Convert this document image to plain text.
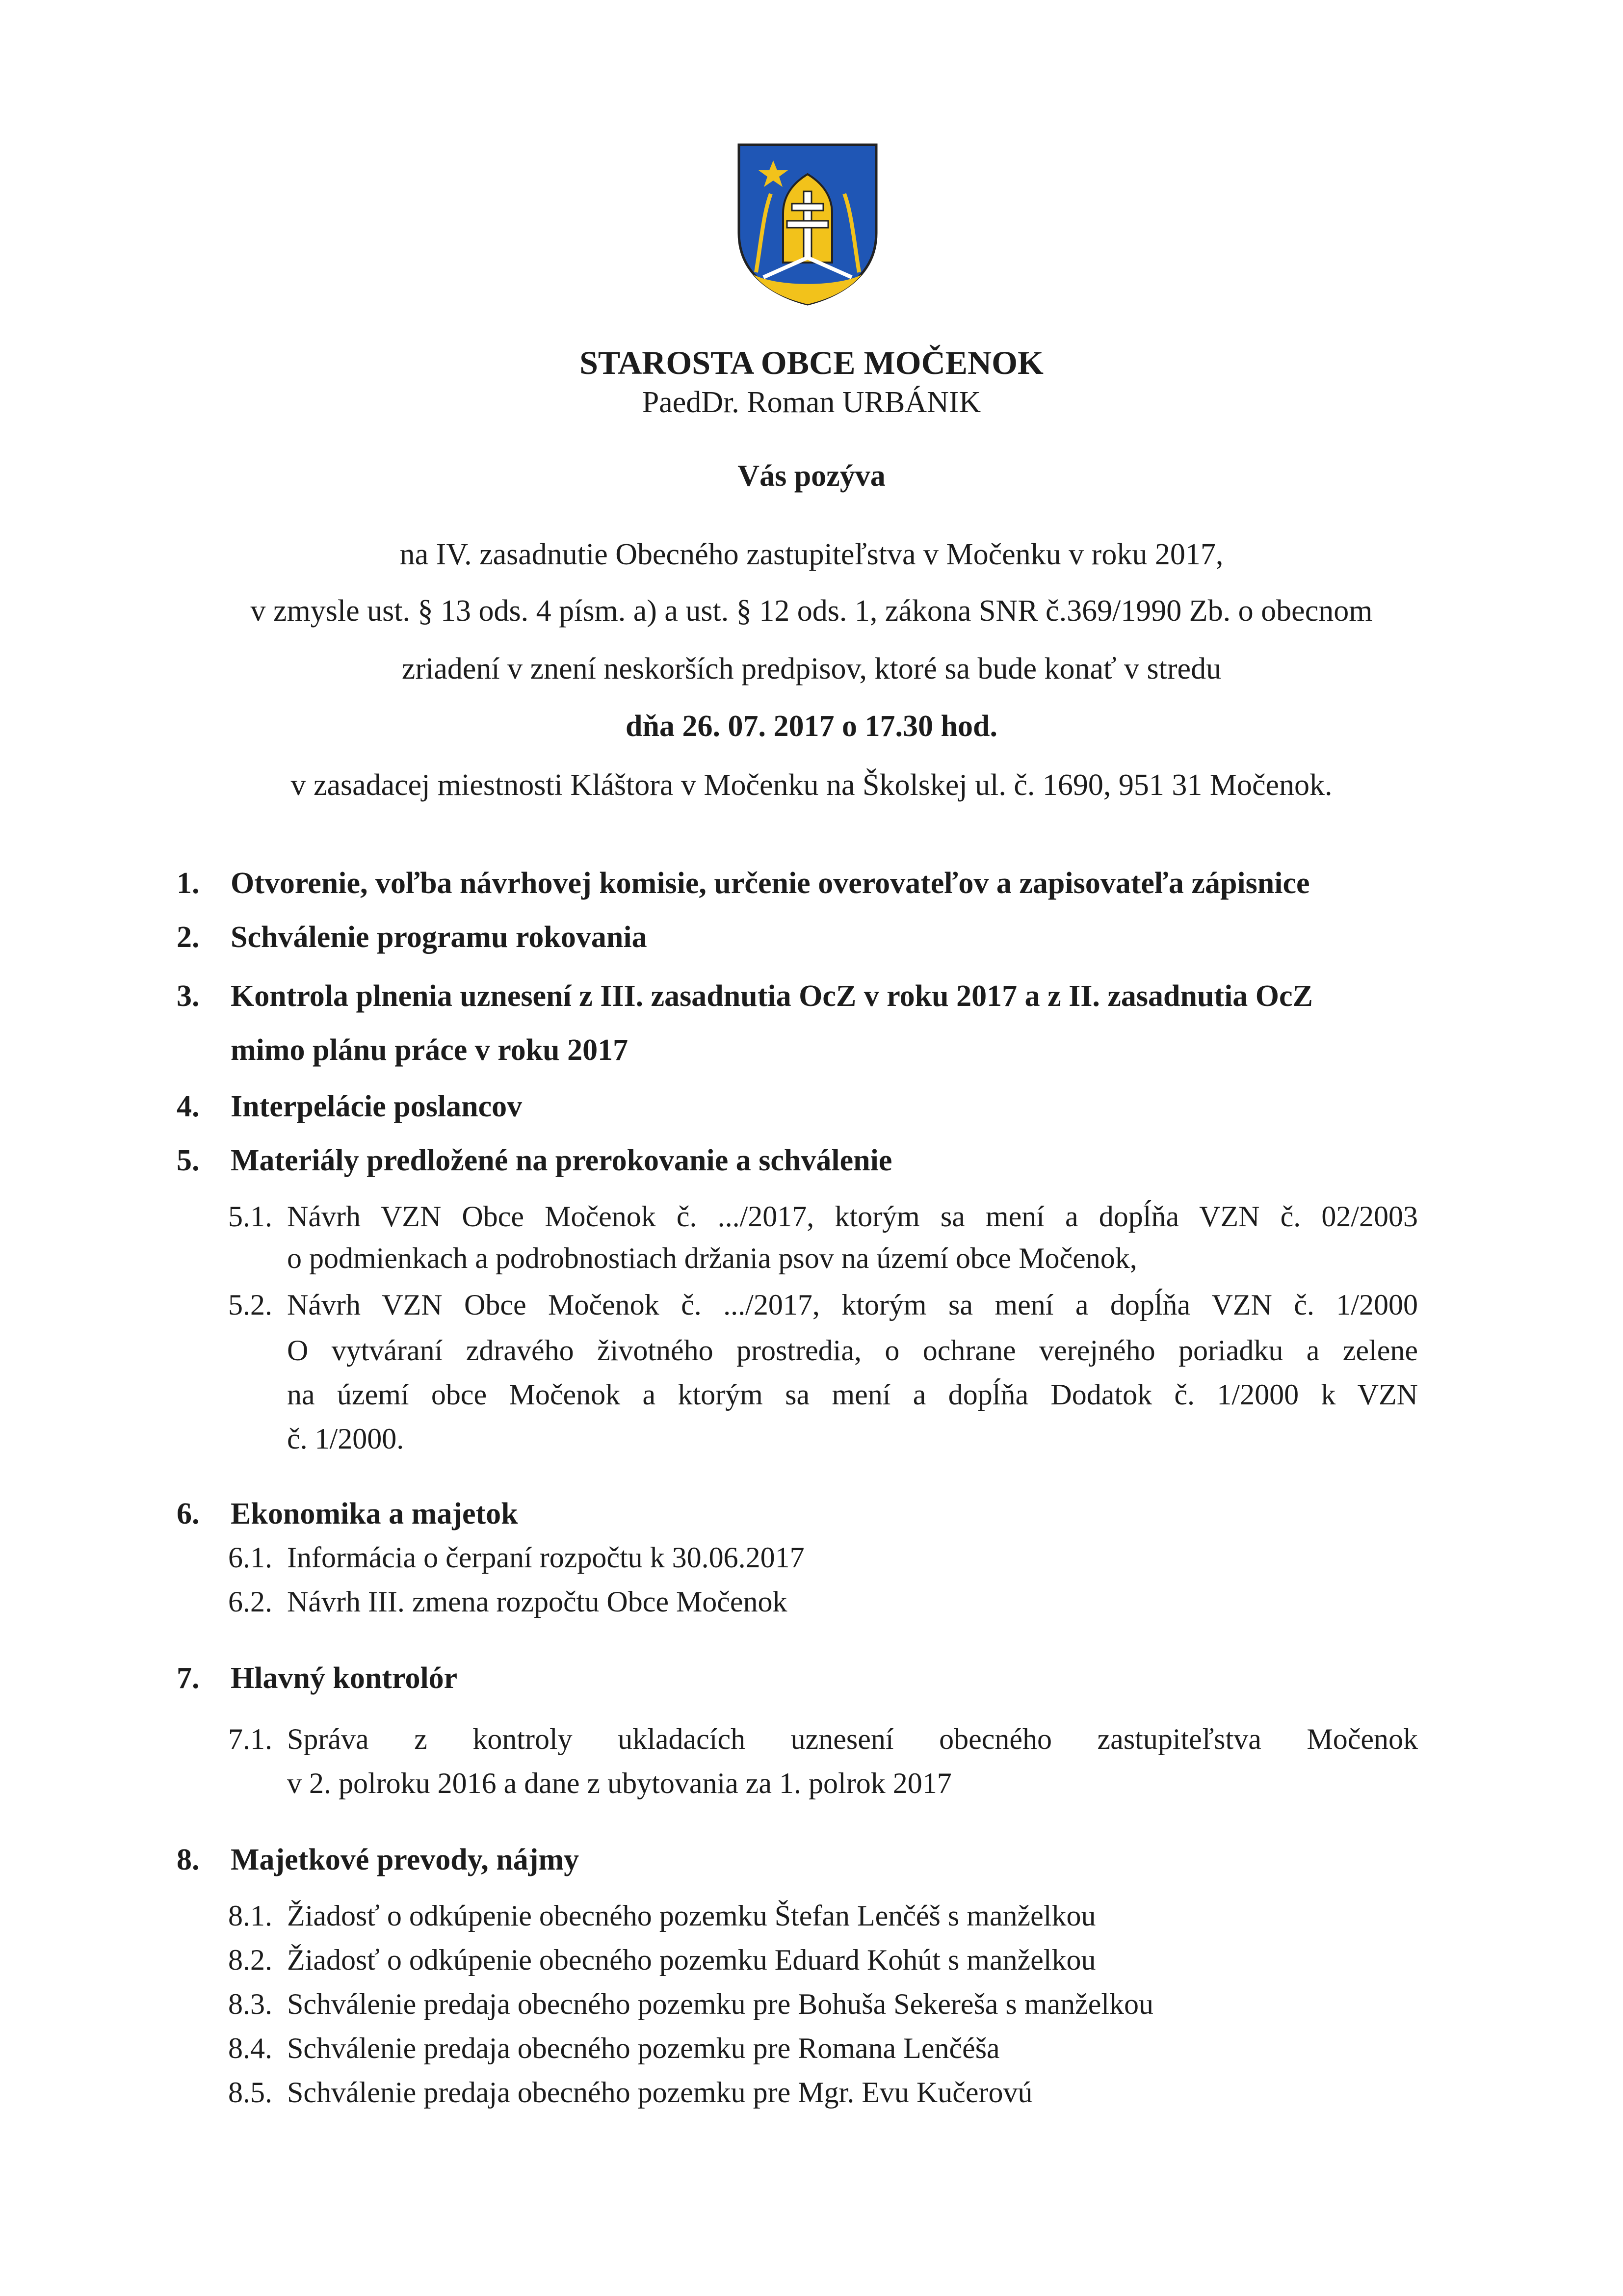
STAROSTA OBCE MOČENOK
PaedDr. Roman URBÁNIK
Vás pozýva
na IV. zasadnutie Obecného zastupiteľstva v Močenku v roku 2017,
v zmysle ust. § 13 ods. 4 písm. a) a ust. § 12 ods. 1, zákona SNR č.369/1990 Zb. o obecnom
zriadení v znení neskorších predpisov, ktoré sa bude konať v stredu
dňa 26. 07. 2017 o 17.30 hod.
v zasadacej miestnosti Kláštora v Močenku na Školskej ul. č. 1690, 951 31 Močenok.
1. Otvorenie, voľba návrhovej komisie, určenie overovateľov a zapisovateľa zápisnice
2. Schválenie programu rokovania
3. Kontrola plnenia uznesení z III. zasadnutia OcZ v roku 2017 a z II. zasadnutia OcZ
mimo plánu práce v roku 2017
4. Interpelácie poslancov
5. Materiály predložené na prerokovanie a schválenie
5.1. Návrh VZN Obce Močenok č. .../2017, ktorým sa mení a dopĺňa VZN č. 02/2003
o podmienkach a podrobnostiach držania psov na území obce Močenok,
5.2. Návrh VZN Obce Močenok č. .../2017, ktorým sa mení a dopĺňa VZN č. 1/2000
O vytváraní zdravého životného prostredia, o ochrane verejného poriadku a zelene
na území obce Močenok a ktorým sa mení a dopĺňa Dodatok č. 1/2000 k VZN
č. 1/2000.
6. Ekonomika a majetok
6.1. Informácia o čerpaní rozpočtu k 30.06.2017
6.2. Návrh III. zmena rozpočtu Obce Močenok
7. Hlavný kontrolór
7.1. Správa z kontroly ukladacích uznesení obecného zastupiteľstva Močenok
v 2. polroku 2016 a dane z ubytovania za 1. polrok 2017
8. Majetkové prevody, nájmy
8.1. Žiadosť o odkúpenie obecného pozemku Štefan Lenčéš s manželkou
8.2. Žiadosť o odkúpenie obecného pozemku Eduard Kohút s manželkou
8.3. Schválenie predaja obecného pozemku pre Bohuša Sekereša s manželkou
8.4. Schválenie predaja obecného pozemku pre Romana Lenčéša
8.5. Schválenie predaja obecného pozemku pre Mgr. Evu Kučerovú
